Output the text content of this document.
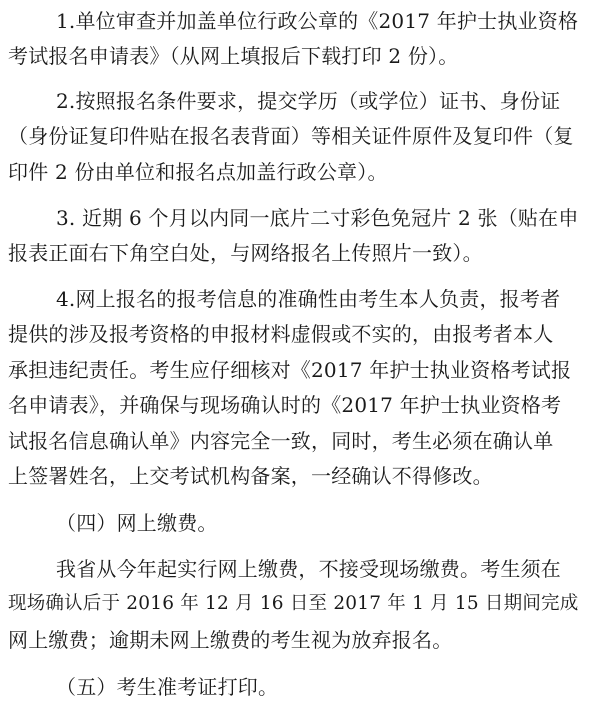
1.单位审查并加盖单位行政公章的《2017 年护士执业资格
考试报名申请表》（从网上填报后下载打印 2 份）。
2.按照报名条件要求，提交学历（或学位）证书、身份证
（身份证复印件贴在报名表背面）等相关证件原件及复印件（复
印件 2 份由单位和报名点加盖行政公章）。
3. 近期 6 个月以内同一底片二寸彩色免冠片 2 张（贴在申
报表正面右下角空白处，与网络报名上传照片一致）。
4.网上报名的报考信息的准确性由考生本人负责，报考者
提供的涉及报考资格的申报材料虚假或不实的，由报考者本人
承担违纪责任。考生应仔细核对《2017 年护士执业资格考试报
名申请表》，并确保与现场确认时的《2017 年护士执业资格考
试报名信息确认单》内容完全一致，同时，考生必须在确认单
上签署姓名，上交考试机构备案，一经确认不得修改。
（四）网上缴费。
我省从今年起实行网上缴费，不接受现场缴费。考生须在
现场确认后于 2016 年 12 月 16 日至 2017 年 1 月 15 日期间完成
网上缴费；逾期未网上缴费的考生视为放弃报名。
（五）考生准考证打印。
